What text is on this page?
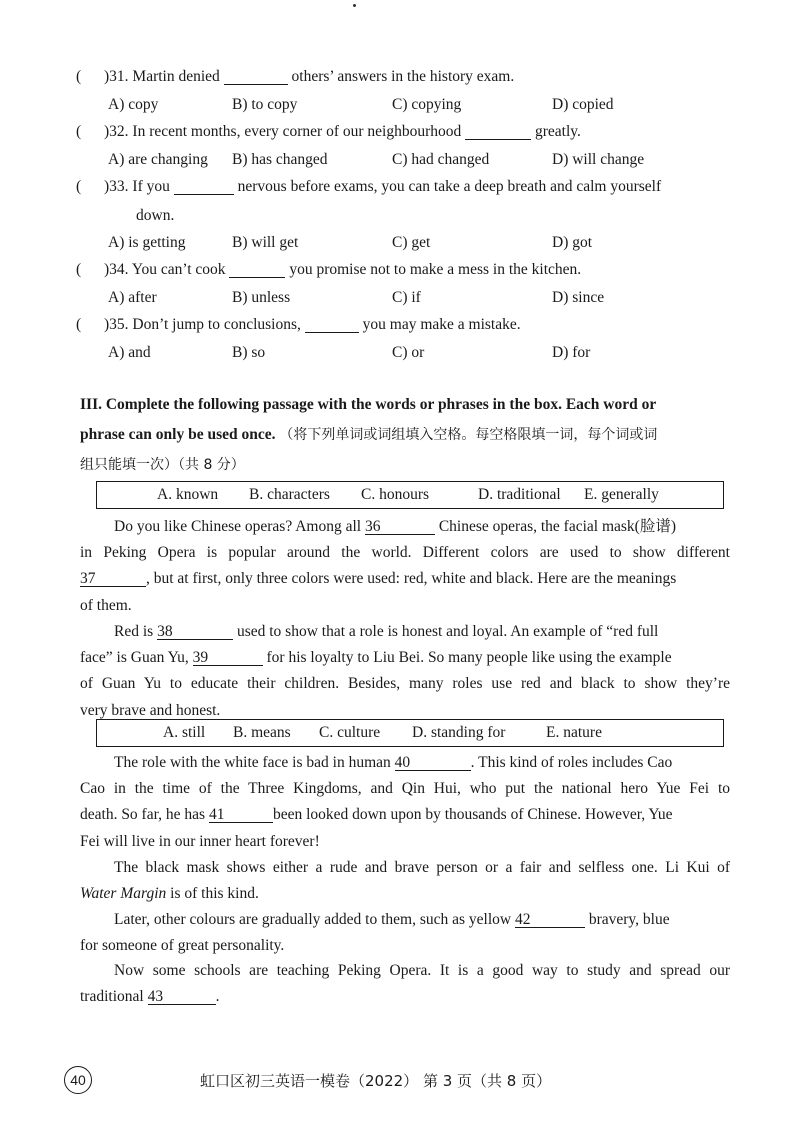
( )31. Martin denied	others’ answers in the history exam.
A) copy	B) to copy	C) copying	D) copied
( )32. In recent months, every corner of our neighbourhood	greatly.
A) are changing B) has changed	C) had changed	D) will change
( )33. If you	nervous before exams, you can take a deep breath and calm yourself
down.
A) is getting	B) will get	C) get	D) got
( )34. You can’t cook	you promise not to make a mess in the kitchen.
A) after	B) unless	C) if	D) since
( )35. Don’t jump to conclusions,	you may make a mistake.
A) and	B) so	C) or	D) for
III. Complete the following passage with the words or phrases in the box. Each word or
phrase can only be used once. （将下列单词或词组填入空格。每空格限填一词，每个词或词
组只能填一次）（共 8 分）
A. known B. characters C. honours	D. traditional E. generally
Do you like Chinese operas? Among all 36	Chinese operas, the facial mask(脸谱)
in Peking Opera is popular around the world. Different colors are used to show different
37	, but at first, only three colors were used: red, white and black. Here are the meanings
of them.
Red is 38	used to show that a role is honest and loyal. An example of “red full
face” is Guan Yu, 39	for his loyalty to Liu Bei. So many people like using the example
of Guan Yu to educate their children. Besides, many roles use red and black to show they’re
very brave and honest.
A. still B. means C. culture D. standing for	E. nature
The role with the white face is bad in human 40	. This kind of roles includes Cao
Cao in the time of the Three Kingdoms, and Qin Hui, who put the national hero Yue Fei to
death. So far, he has 41	been looked down upon by thousands of Chinese. However, Yue
Fei will live in our inner heart forever!
The black mask shows either a rude and brave person or a fair and selfless one. Li Kui of
Water Margin is of this kind.
Later, other colours are gradually added to them, such as yellow 42	bravery, blue
for someone of great personality.
Now some schools are teaching Peking Opera. It is a good way to study and spread our
traditional 43	.
40	虹口区初三英语一模卷（2022） 第 3 页（共 8 页）
